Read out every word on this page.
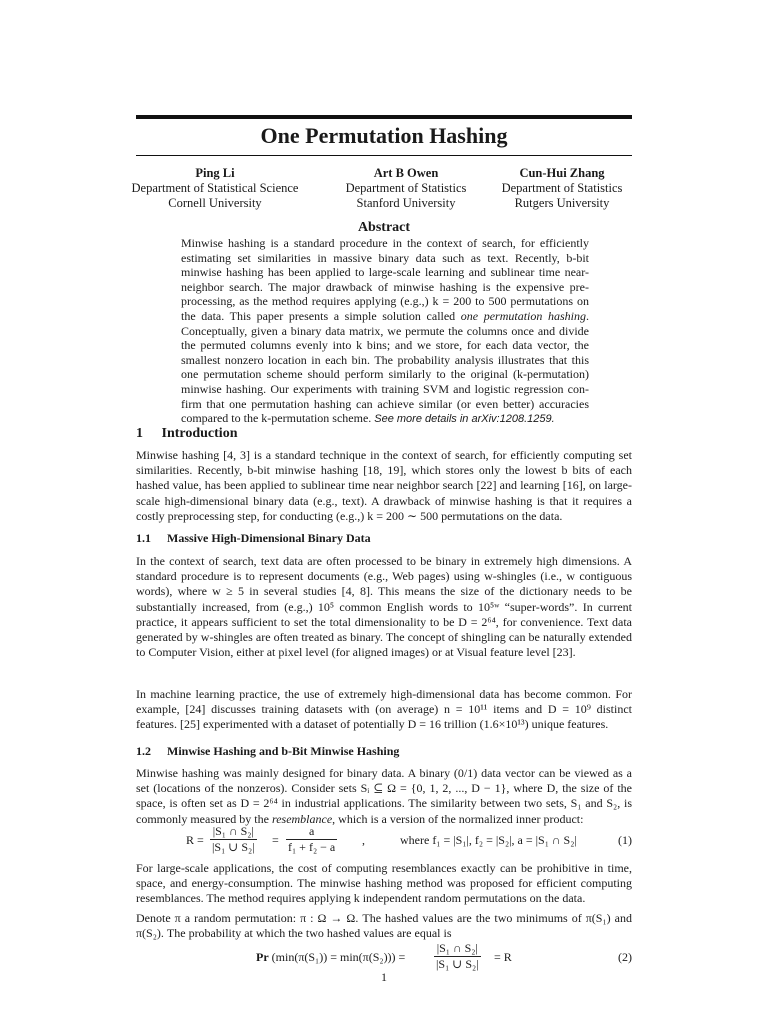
One Permutation Hashing
Ping Li
Department of Statistical Science
Cornell University
Art B Owen
Department of Statistics
Stanford University
Cun-Hui Zhang
Department of Statistics
Rutgers University
Abstract
Minwise hashing is a standard procedure in the context of search, for efficiently estimating set similarities in massive binary data such as text. Recently, b-bit minwise hashing has been applied to large-scale learning and sublinear time near-neighbor search. The major drawback of minwise hashing is the expensive pre-processing, as the method requires applying (e.g.,) k = 200 to 500 permutations on the data. This paper presents a simple solution called one permutation hashing. Conceptually, given a binary data matrix, we permute the columns once and divide the permuted columns evenly into k bins; and we store, for each data vector, the smallest nonzero location in each bin. The probability analysis illustrates that this one permutation scheme should perform similarly to the original (k-permutation) minwise hashing. Our experiments with training SVM and logistic regression con-firm that one permutation hashing can achieve similar (or even better) accuracies compared to the k-permutation scheme. See more details in arXiv:1208.1259.
1 Introduction
Minwise hashing [4, 3] is a standard technique in the context of search, for efficiently computing set similarities. Recently, b-bit minwise hashing [18, 19], which stores only the lowest b bits of each hashed value, has been applied to sublinear time near neighbor search [22] and learning [16], on large-scale high-dimensional binary data (e.g., text). A drawback of minwise hashing is that it requires a costly preprocessing step, for conducting (e.g.,) k = 200 ∼ 500 permutations on the data.
1.1 Massive High-Dimensional Binary Data
In the context of search, text data are often processed to be binary in extremely high dimensions. A standard procedure is to represent documents (e.g., Web pages) using w-shingles (i.e., w contiguous words), where w ≥ 5 in several studies [4, 8]. This means the size of the dictionary needs to be substantially increased, from (e.g.,) 10⁵ common English words to 10⁵ʷ “super-words”. In current practice, it appears sufficient to set the total dimensionality to be D = 2⁶⁴, for convenience. Text data generated by w-shingles are often treated as binary. The concept of shingling can be naturally extended to Computer Vision, either at pixel level (for aligned images) or at Visual feature level [23].
In machine learning practice, the use of extremely high-dimensional data has become common. For example, [24] discusses training datasets with (on average) n = 10¹¹ items and D = 10⁹ distinct features. [25] experimented with a dataset of potentially D = 16 trillion (1.6×10¹³) unique features.
1.2 Minwise Hashing and b-Bit Minwise Hashing
Minwise hashing was mainly designed for binary data. A binary (0/1) data vector can be viewed as a set (locations of the nonzeros). Consider sets Sᵢ ⊆ Ω = {0, 1, 2, ..., D − 1}, where D, the size of the space, is often set as D = 2⁶⁴ in industrial applications. The similarity between two sets, S₁ and S₂, is commonly measured by the resemblance, which is a version of the normalized inner product:
$R = \frac{\text{|S₁ ∩ S₂|}}{\text{|S₁ ∪ S₂|}} = \frac{a}{\text{f₁ + f₂ − a}}$ ,	where f₁ = |S₁|, f₂ = |S₂|, a = |S₁ ∩ S₂|	(1)
For large-scale applications, the cost of computing resemblances exactly can be prohibitive in time, space, and energy-consumption. The minwise hashing method was proposed for efficient computing resemblances. The method requires applying k independent random permutations on the data.
Denote π a random permutation: π : Ω → Ω. The hashed values are the two minimums of π(S₁) and π(S₂). The probability at which the two hashed values are equal is
Pr $(\min(\pi(S_1)) = \min(\pi(S_2))) = \frac{\text{|S₁ ∩ S₂|}}{\text{|S₁ ∪ S₂|}} = R$	(2)
1
